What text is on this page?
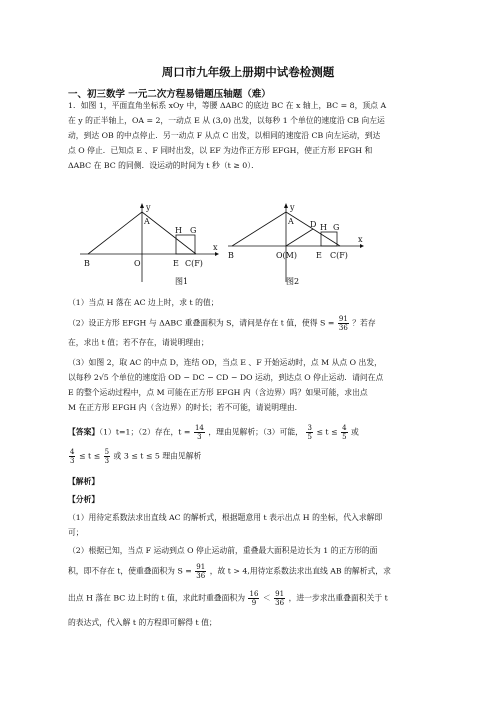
周口市九年级上册期中试卷检测题
一、初三数学 一元二次方程易错题压轴题（难）

1．如图 1，平面直角坐标系 xOy 中，等腰 ΔABC 的底边 BC 在 x 轴上，BC = 8，顶点 A

在 y 的正半轴上，OA = 2，一动点 E 从 (3,0) 出发，以每秒 1 个单位的速度沿 CB 向左运

动，到达 OB 的中点停止．另一动点 F 从点 C 出发，以相同的速度沿 CB 向左运动，到达

点 O 停止．已知点 E 、F 同时出发，以 EF 为边作正方形 EFGH，使正方形 EFGH 和

ΔABC 在 BC 的同侧．设运动的时间为 t 秒（t ≥ 0）．

y
x
A
B	O
H G
E C(F)
图1
y
x
A D
B	O(M)
H G
E C(F)
图2

（1）当点 H 落在 AC 边上时，求 t 的值；

（2）设正方形 EFGH 与 ΔABC 重叠面积为 S，请问是存在 t 值，使得 $S = \frac{91}{36}$ ？若存

在，求出 t 值；若不存在，请说明理由；

（3）如图 2，取 AC 的中点 D，连结 OD，当点 E 、F 开始运动时，点 M 从点 O 出发，

以每秒 2√5 个单位的速度沿 OD − DC − CD − DO 运动，到达点 O 停止运动．请问在点

E 的整个运动过程中，点 M 可能在正方形 EFGH 内（含边界）吗？如果可能，求出点

M 在正方形 EFGH 内（含边界）的时长；若不可能，请说明理由．

【答案】（1）t=1；（2）存在，$t = \frac{14}{3}$ ，理由见解析；（3）可能， $\frac{3}{5} \le t \le \frac{4}{5}$ 或

$\frac{4}{3} \le t \le \frac{5}{3}$ 或 3 ≤ t ≤ 5 理由见解析

【解析】

【分析】

（1）用待定系数法求出直线 AC 的解析式，根据题意用 t 表示出点 H 的坐标，代入求解即

可；

（2）根据已知，当点 F 运动到点 O 停止运动前，重叠最大面积是边长为 1 的正方形的面

积，即不存在 t，使重叠面积为 $S = \frac{91}{36}$ ，故 t > 4,用待定系数法求出直线 AB 的解析式，求

出点 H 落在 BC 边上时的 t 值，求此时重叠面积为 $\frac{16}{9} < \frac{91}{36}$ ，进一步求出重叠面积关于 t

的表达式，代入解 t 的方程即可解得 t 值；
